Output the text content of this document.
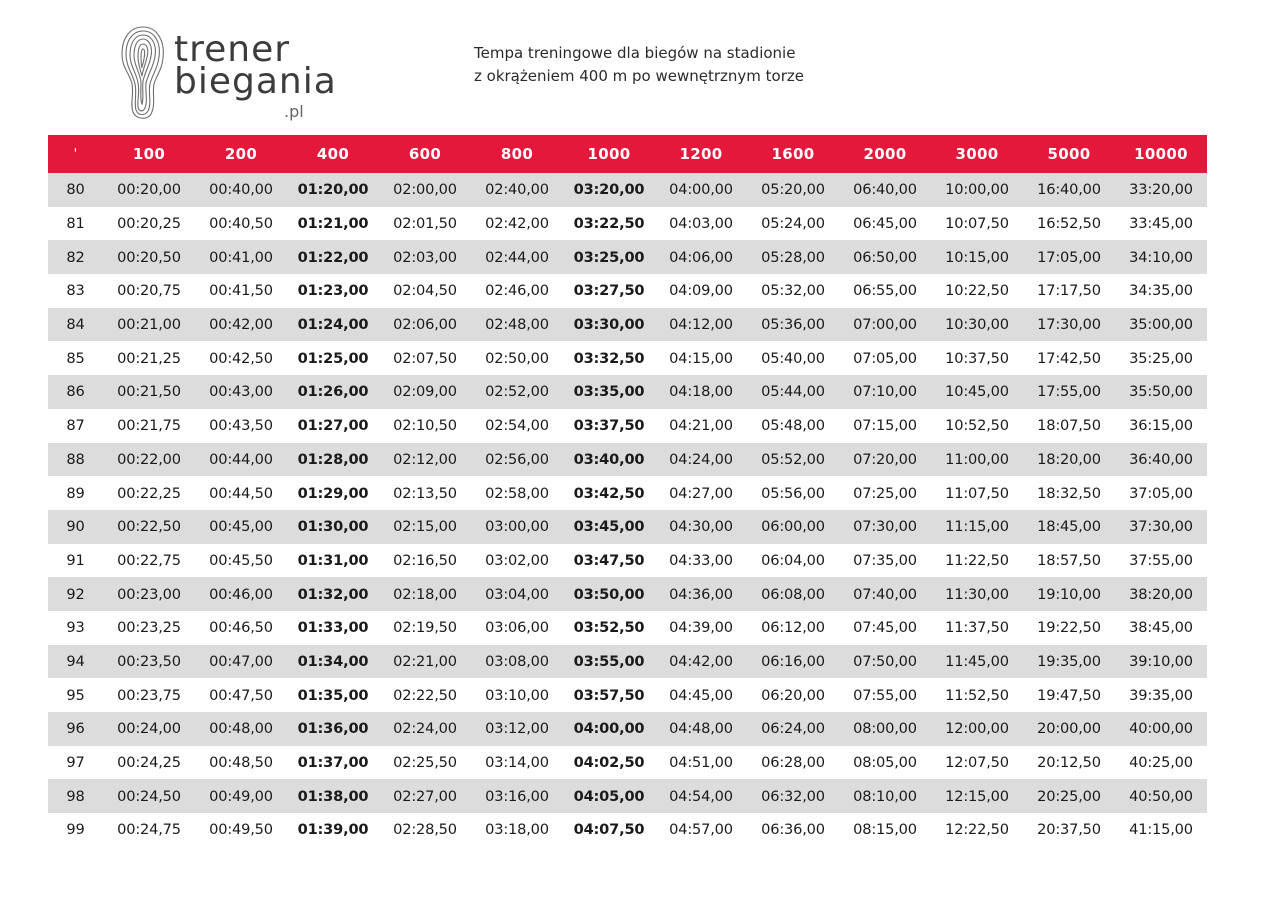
trener
biegania
.pl
Tempa treningowe dla biegów na stadionie
z okrążeniem 400 m po wewnętrznym torze
'	100	200	400	600	800	1000	1200	1600	2000	3000	5000	10000
80	00:20,00	00:40,00	01:20,00	02:00,00	02:40,00	03:20,00	04:00,00	05:20,00	06:40,00	10:00,00	16:40,00	33:20,00
81	00:20,25	00:40,50	01:21,00	02:01,50	02:42,00	03:22,50	04:03,00	05:24,00	06:45,00	10:07,50	16:52,50	33:45,00
82	00:20,50	00:41,00	01:22,00	02:03,00	02:44,00	03:25,00	04:06,00	05:28,00	06:50,00	10:15,00	17:05,00	34:10,00
83	00:20,75	00:41,50	01:23,00	02:04,50	02:46,00	03:27,50	04:09,00	05:32,00	06:55,00	10:22,50	17:17,50	34:35,00
84	00:21,00	00:42,00	01:24,00	02:06,00	02:48,00	03:30,00	04:12,00	05:36,00	07:00,00	10:30,00	17:30,00	35:00,00
85	00:21,25	00:42,50	01:25,00	02:07,50	02:50,00	03:32,50	04:15,00	05:40,00	07:05,00	10:37,50	17:42,50	35:25,00
86	00:21,50	00:43,00	01:26,00	02:09,00	02:52,00	03:35,00	04:18,00	05:44,00	07:10,00	10:45,00	17:55,00	35:50,00
87	00:21,75	00:43,50	01:27,00	02:10,50	02:54,00	03:37,50	04:21,00	05:48,00	07:15,00	10:52,50	18:07,50	36:15,00
88	00:22,00	00:44,00	01:28,00	02:12,00	02:56,00	03:40,00	04:24,00	05:52,00	07:20,00	11:00,00	18:20,00	36:40,00
89	00:22,25	00:44,50	01:29,00	02:13,50	02:58,00	03:42,50	04:27,00	05:56,00	07:25,00	11:07,50	18:32,50	37:05,00
90	00:22,50	00:45,00	01:30,00	02:15,00	03:00,00	03:45,00	04:30,00	06:00,00	07:30,00	11:15,00	18:45,00	37:30,00
91	00:22,75	00:45,50	01:31,00	02:16,50	03:02,00	03:47,50	04:33,00	06:04,00	07:35,00	11:22,50	18:57,50	37:55,00
92	00:23,00	00:46,00	01:32,00	02:18,00	03:04,00	03:50,00	04:36,00	06:08,00	07:40,00	11:30,00	19:10,00	38:20,00
93	00:23,25	00:46,50	01:33,00	02:19,50	03:06,00	03:52,50	04:39,00	06:12,00	07:45,00	11:37,50	19:22,50	38:45,00
94	00:23,50	00:47,00	01:34,00	02:21,00	03:08,00	03:55,00	04:42,00	06:16,00	07:50,00	11:45,00	19:35,00	39:10,00
95	00:23,75	00:47,50	01:35,00	02:22,50	03:10,00	03:57,50	04:45,00	06:20,00	07:55,00	11:52,50	19:47,50	39:35,00
96	00:24,00	00:48,00	01:36,00	02:24,00	03:12,00	04:00,00	04:48,00	06:24,00	08:00,00	12:00,00	20:00,00	40:00,00
97	00:24,25	00:48,50	01:37,00	02:25,50	03:14,00	04:02,50	04:51,00	06:28,00	08:05,00	12:07,50	20:12,50	40:25,00
98	00:24,50	00:49,00	01:38,00	02:27,00	03:16,00	04:05,00	04:54,00	06:32,00	08:10,00	12:15,00	20:25,00	40:50,00
99	00:24,75	00:49,50	01:39,00	02:28,50	03:18,00	04:07,50	04:57,00	06:36,00	08:15,00	12:22,50	20:37,50	41:15,00
